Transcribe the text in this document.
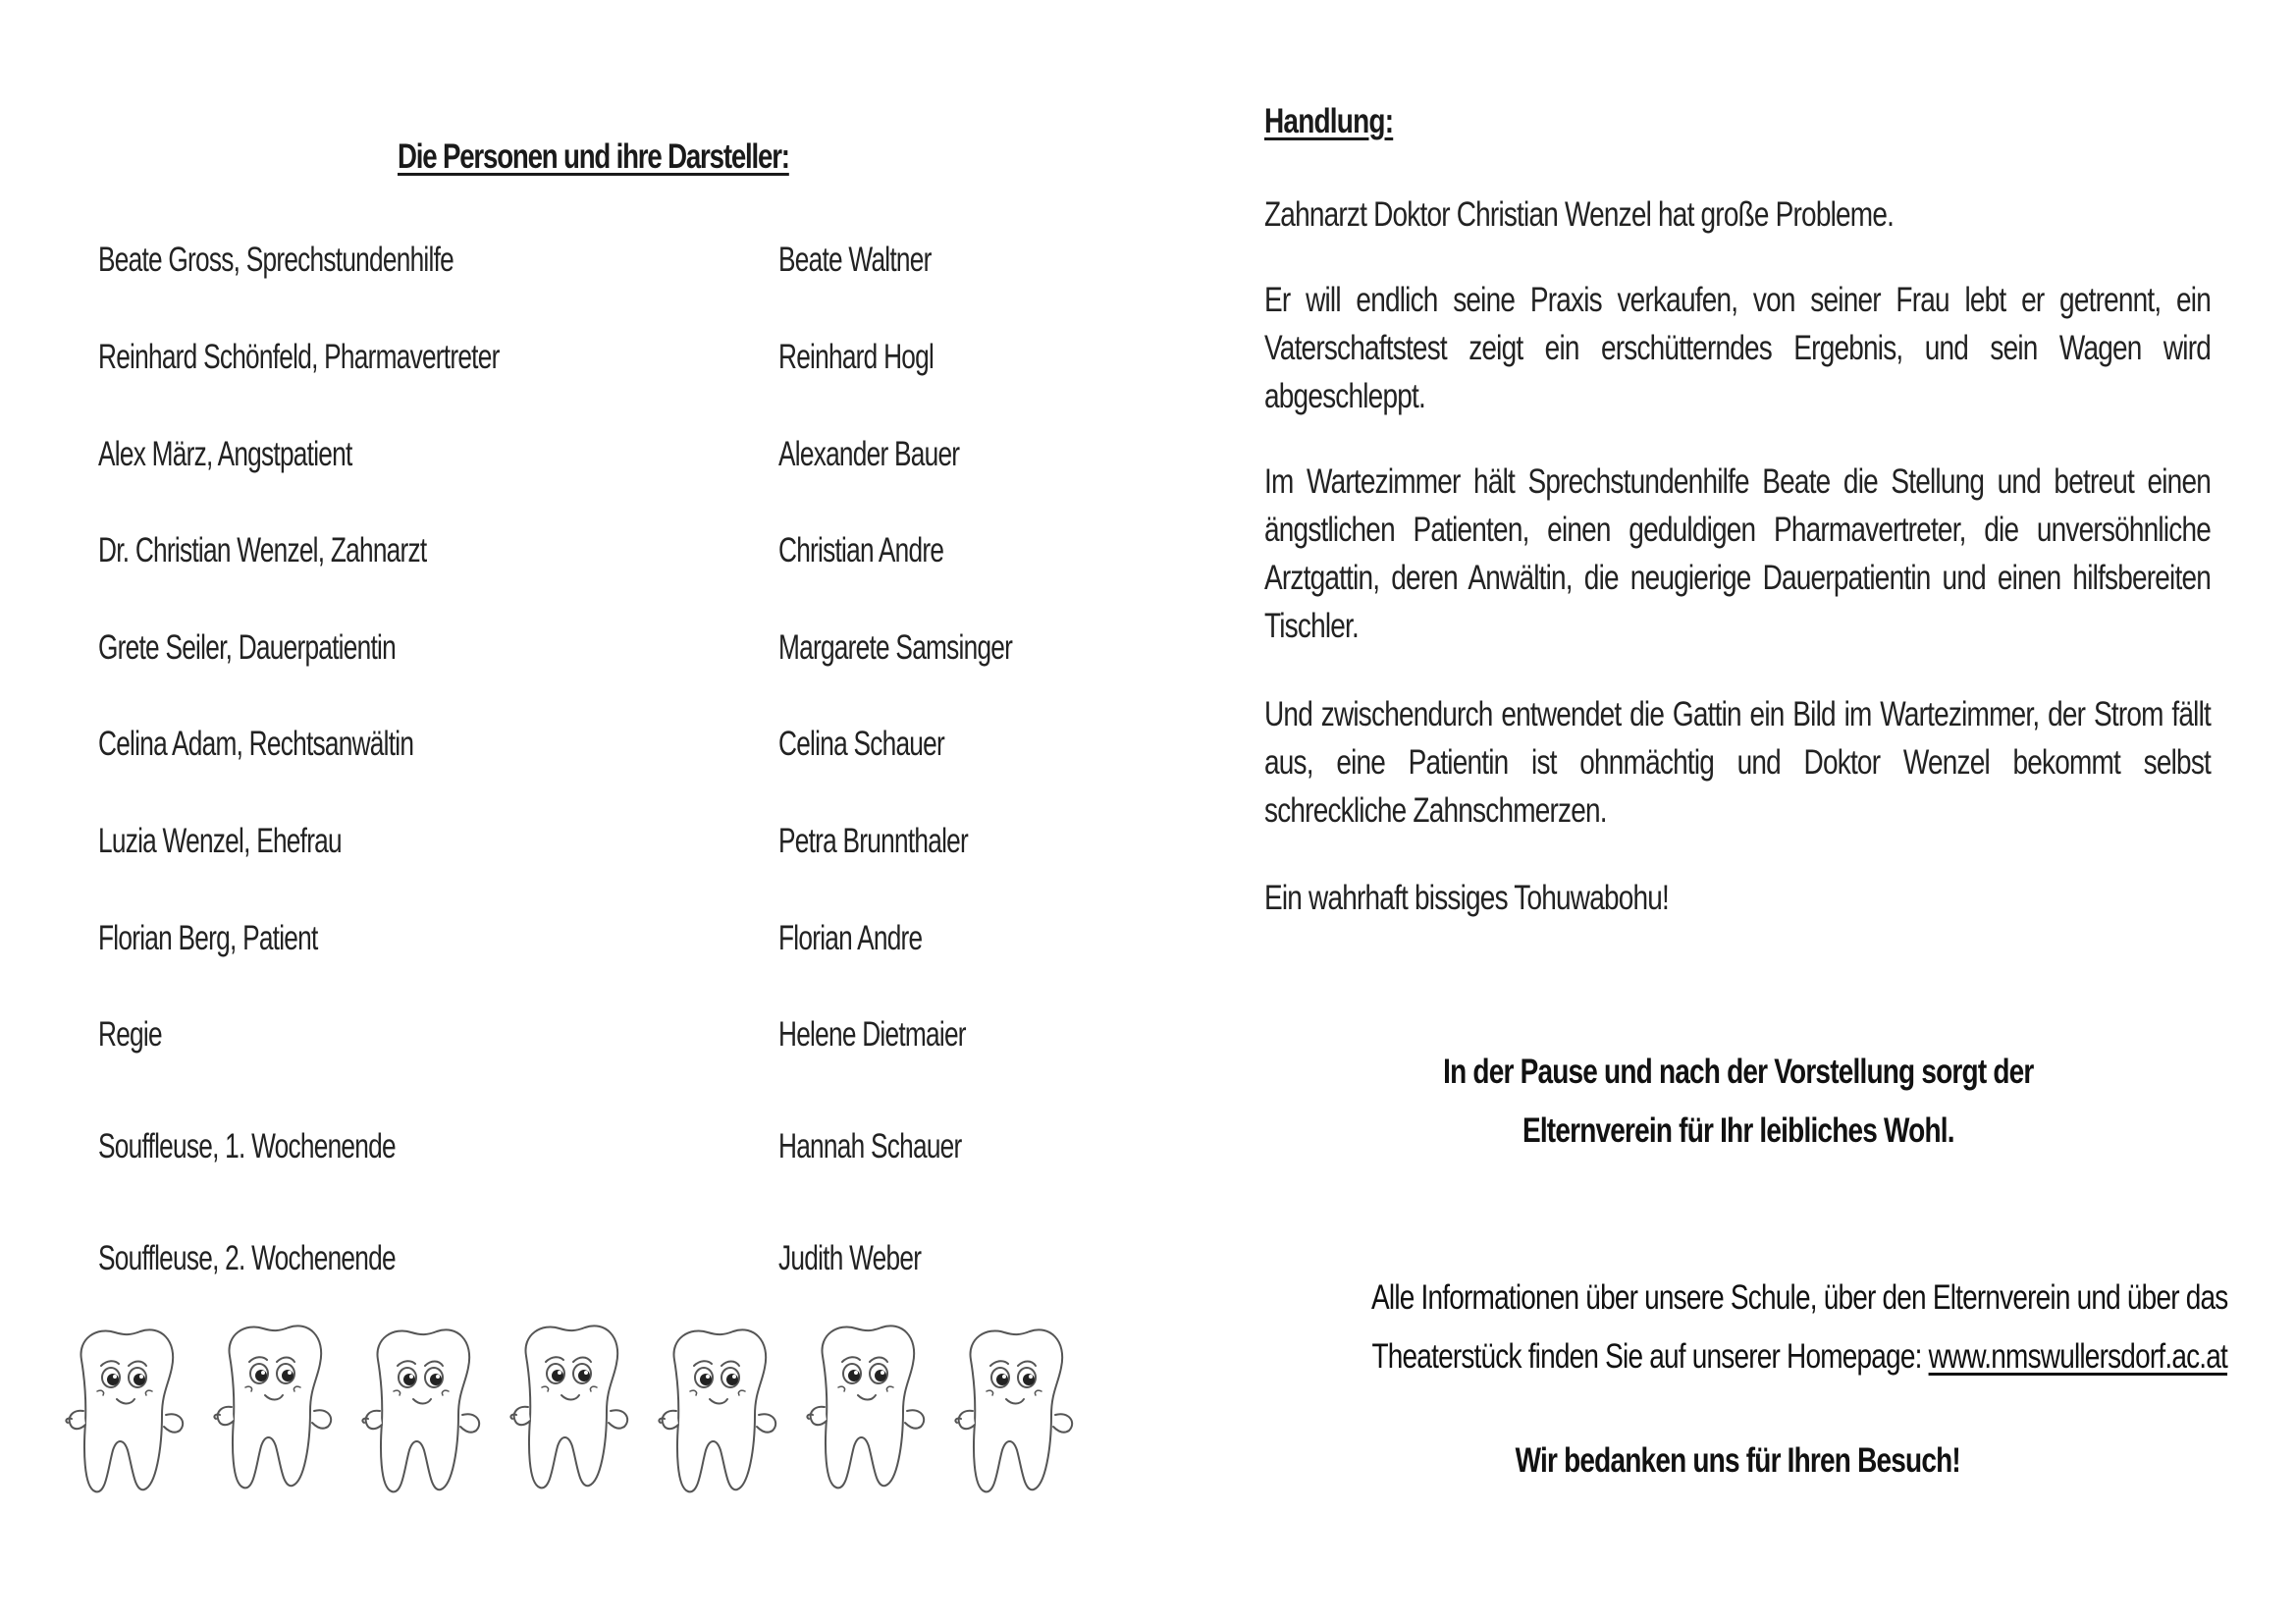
Die Personen und ihre Darsteller:
Beate Gross, Sprechstundenhilfe	Beate Waltner
Reinhard Schönfeld, Pharmavertreter	Reinhard Hogl
Alex März, Angstpatient	Alexander Bauer
Dr. Christian Wenzel, Zahnarzt	Christian Andre
Grete Seiler, Dauerpatientin	Margarete Samsinger
Celina Adam, Rechtsanwältin	Celina Schauer
Luzia Wenzel, Ehefrau	Petra Brunnthaler
Florian Berg, Patient	Florian Andre
Regie	Helene Dietmaier
Souffleuse, 1. Wochenende	Hannah Schauer
Souffleuse, 2. Wochenende	Judith Weber
Handlung:
Zahnarzt Doktor Christian Wenzel hat große Probleme.
Er will endlich seine Praxis verkaufen, von seiner Frau lebt er getrennt, ein Vaterschaftstest zeigt ein erschütterndes Ergebnis, und sein Wagen wird abgeschleppt.
Im Wartezimmer hält Sprechstundenhilfe Beate die Stellung und betreut einen ängstlichen Patienten, einen geduldigen Pharmavertreter, die unversöhnliche Arztgattin, deren Anwältin, die neugierige Dauerpatientin und einen hilfsbereiten Tischler.
Und zwischendurch entwendet die Gattin ein Bild im Wartezimmer, der Strom fällt aus, eine Patientin ist ohnmächtig und Doktor Wenzel bekommt selbst schreckliche Zahnschmerzen.
Ein wahrhaft bissiges Tohuwabohu!
In der Pause und nach der Vorstellung sorgt der
Elternverein für Ihr leibliches Wohl.
Alle Informationen über unsere Schule, über den Elternverein und über das
Theaterstück finden Sie auf unserer Homepage: www.nmswullersdorf.ac.at
Wir bedanken uns für Ihren Besuch!
